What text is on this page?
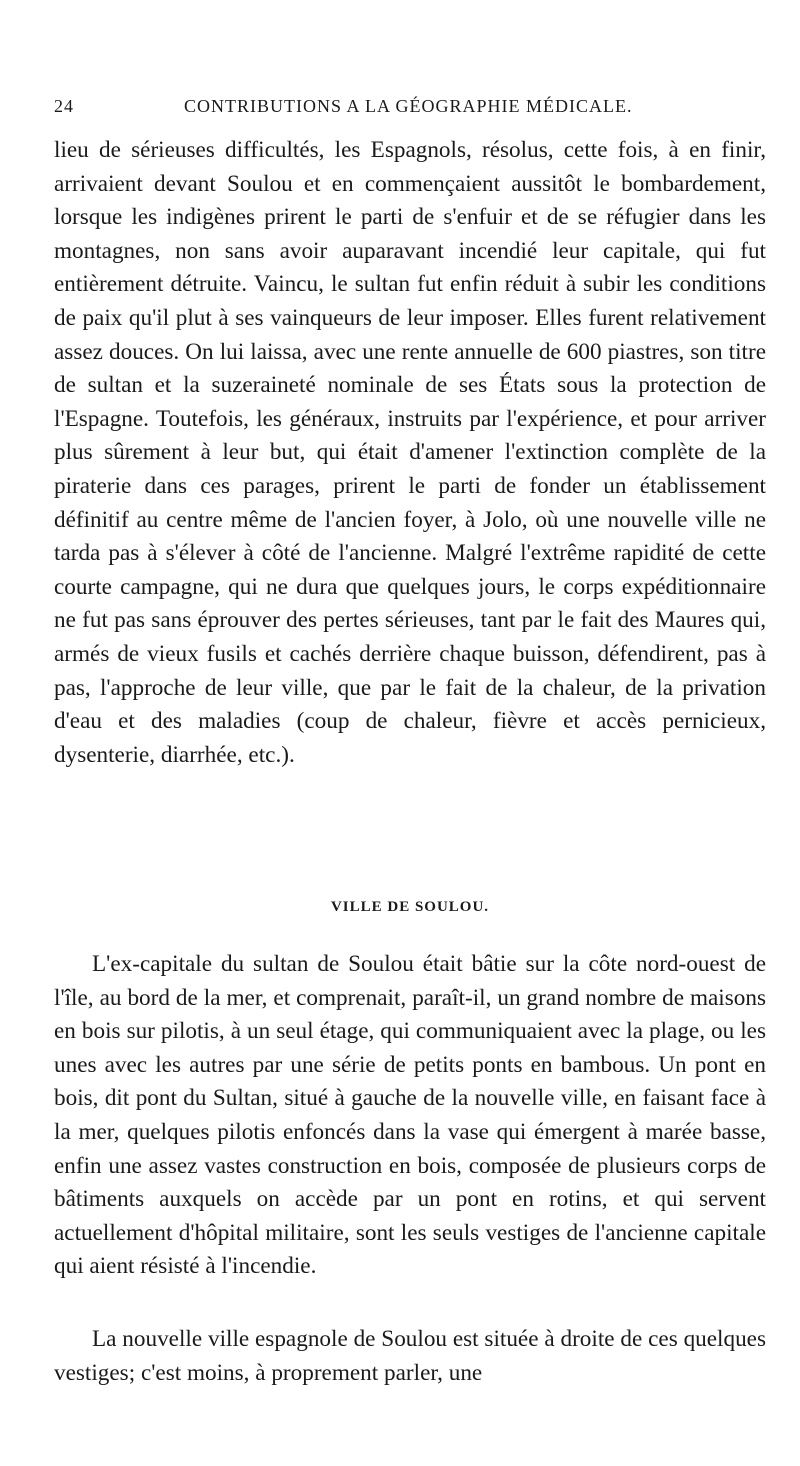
24	CONTRIBUTIONS A LA GÉOGRAPHIE MÉDICALE.

lieu de sérieuses difficultés, les Espagnols, résolus, cette fois, à en finir, arrivaient devant Soulou et en commençaient aussitôt le bombardement, lorsque les indigènes prirent le parti de s'enfuir et de se réfugier dans les montagnes, non sans avoir auparavant incendié leur capitale, qui fut entièrement détruite. Vaincu, le sultan fut enfin réduit à subir les conditions de paix qu'il plut à ses vainqueurs de leur imposer. Elles furent relativement assez douces. On lui laissa, avec une rente annuelle de 600 piastres, son titre de sultan et la suzeraineté nominale de ses États sous la protection de l'Espagne. Toutefois, les généraux, instruits par l'expérience, et pour arriver plus sûrement à leur but, qui était d'amener l'extinction complète de la piraterie dans ces parages, prirent le parti de fonder un établissement définitif au centre même de l'ancien foyer, à Jolo, où une nouvelle ville ne tarda pas à s'élever à côté de l'ancienne. Malgré l'extrême rapidité de cette courte campagne, qui ne dura que quelques jours, le corps expéditionnaire ne fut pas sans éprouver des pertes sérieuses, tant par le fait des Maures qui, armés de vieux fusils et cachés derrière chaque buisson, défendirent, pas à pas, l'approche de leur ville, que par le fait de la chaleur, de la privation d'eau et des maladies (coup de chaleur, fièvre et accès pernicieux, dysenterie, diarrhée, etc.).

VILLE DE SOULOU.

L'ex-capitale du sultan de Soulou était bâtie sur la côte nord-ouest de l'île, au bord de la mer, et comprenait, paraît-il, un grand nombre de maisons en bois sur pilotis, à un seul étage, qui communiquaient avec la plage, ou les unes avec les autres par une série de petits ponts en bambous. Un pont en bois, dit pont du Sultan, situé à gauche de la nouvelle ville, en faisant face à la mer, quelques pilotis enfoncés dans la vase qui émergent à marée basse, enfin une assez vastes construction en bois, composée de plusieurs corps de bâtiments auxquels on accède par un pont en rotins, et qui servent actuellement d'hôpital militaire, sont les seuls vestiges de l'ancienne capitale qui aient résisté à l'incendie.

La nouvelle ville espagnole de Soulou est située à droite de ces quelques vestiges; c'est moins, à proprement parler, une
